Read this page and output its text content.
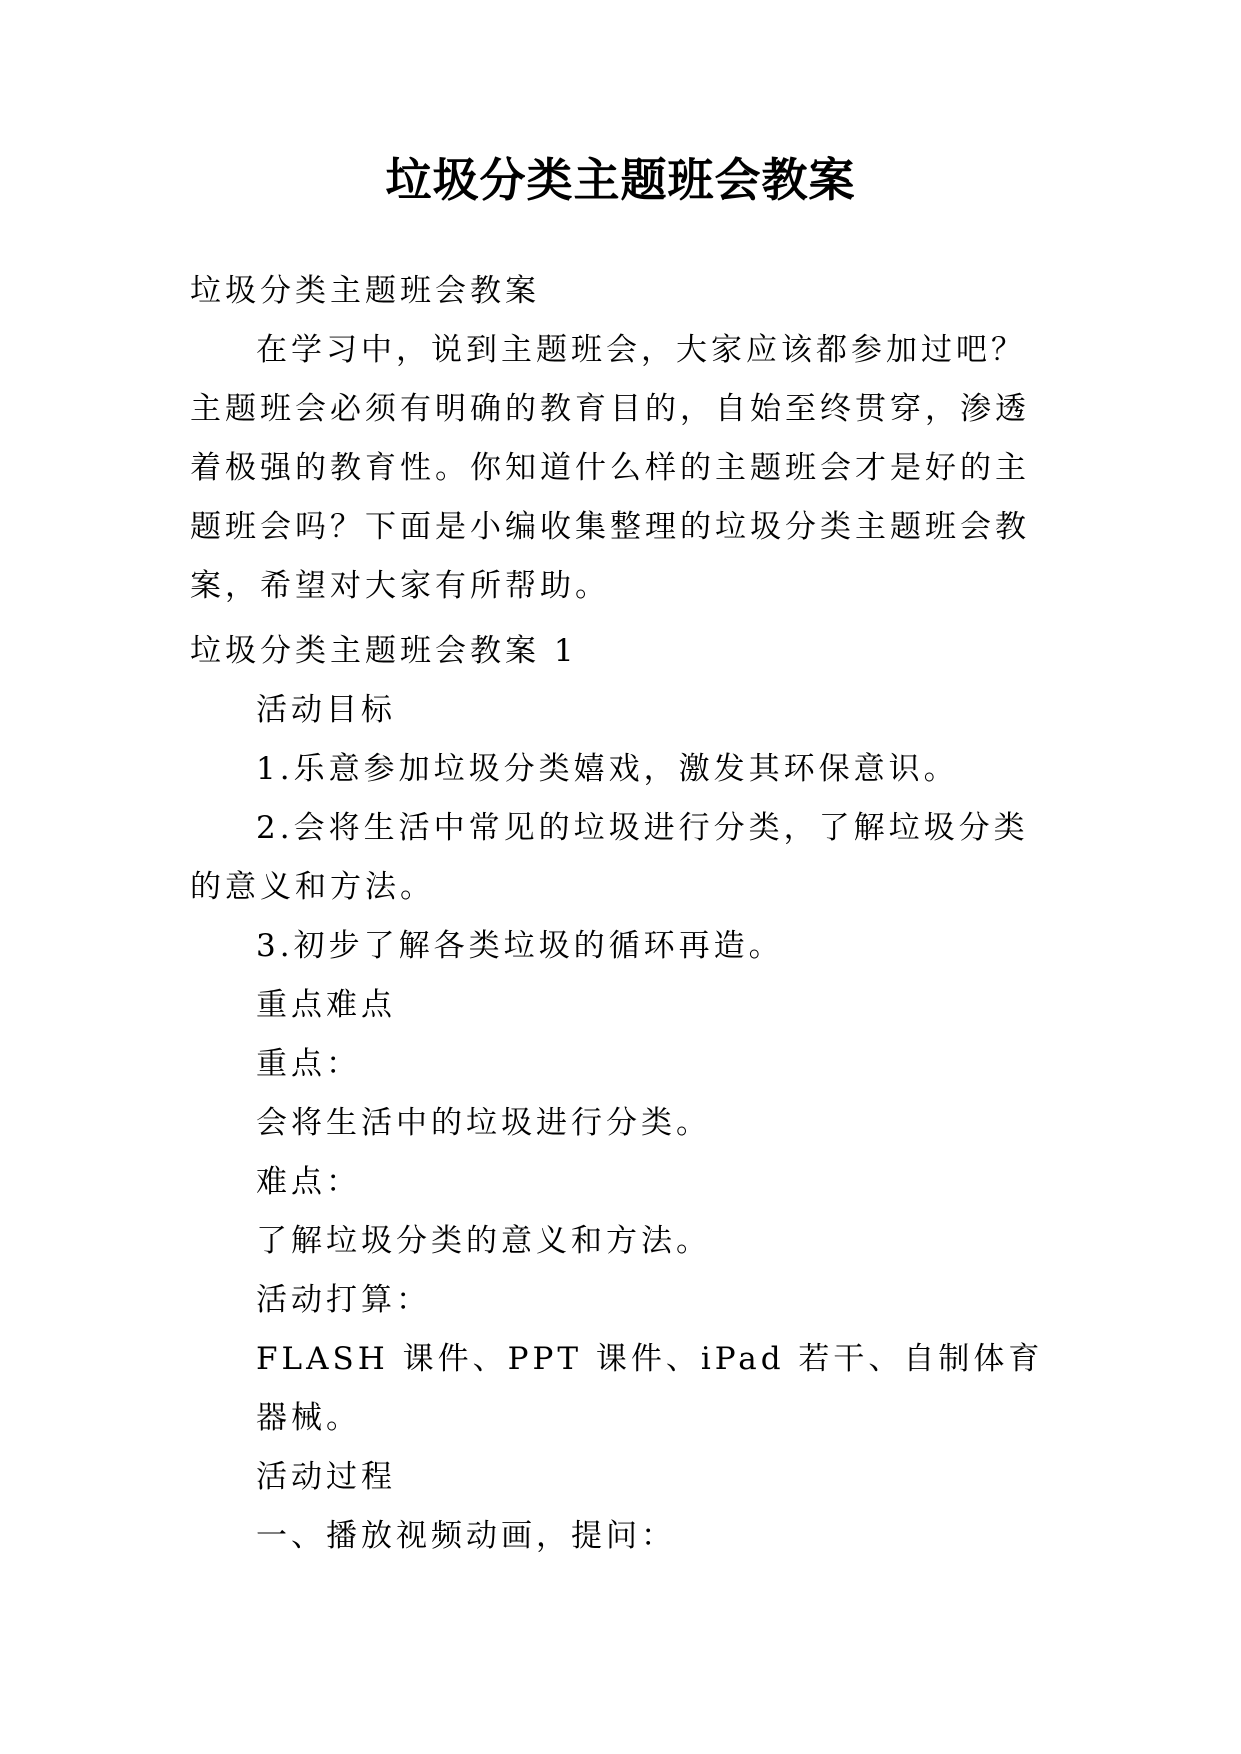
垃圾分类主题班会教案

垃圾分类主题班会教案

在学习中，说到主题班会，大家应该都参加过吧？主题班会必须有明确的教育目的，自始至终贯穿，渗透着极强的教育性。你知道什么样的主题班会才是好的主题班会吗？下面是小编收集整理的垃圾分类主题班会教案，希望对大家有所帮助。

垃圾分类主题班会教案 1

活动目标

1.乐意参加垃圾分类嬉戏，激发其环保意识。

2.会将生活中常见的垃圾进行分类，了解垃圾分类的意义和方法。

3.初步了解各类垃圾的循环再造。

重点难点

重点：

会将生活中的垃圾进行分类。

难点：

了解垃圾分类的意义和方法。

活动打算：

FLASH 课件、PPT 课件、iPad 若干、自制体育器械。

活动过程

一、播放视频动画，提问：
